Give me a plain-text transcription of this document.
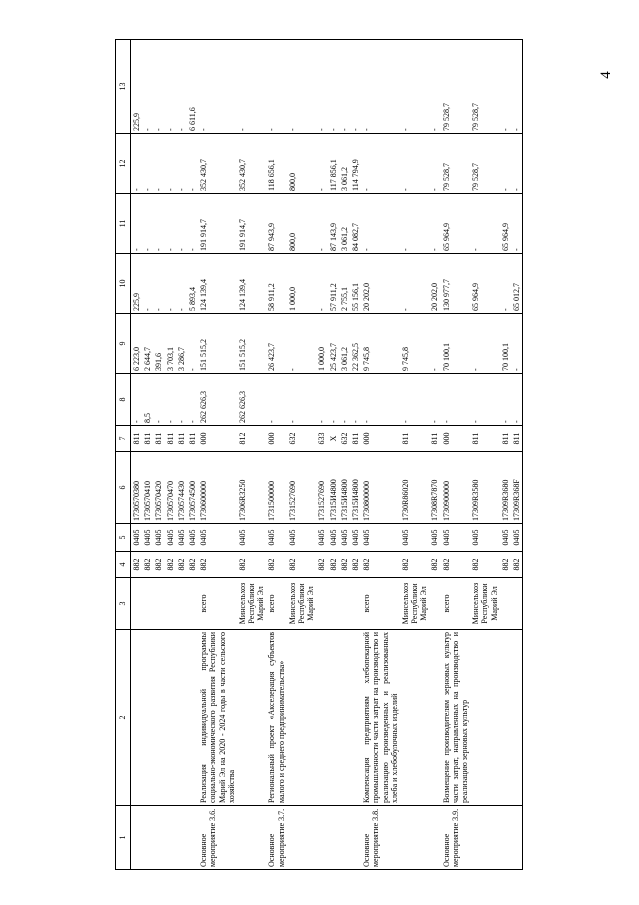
4
1	2	3	4	5	6	7	8	9	10	11	12	13
			882	0405	1730570380	811	-	6 223,0	225,9	-	-	225,9
			882	0405	1730570410	811	8,5	2 644,7	-	-	-	-
			882	0405	1730570420	811	-	391,6	-	-	-	-
			882	0405	1730570470	811	-	3 703,1	-	-	-	-
			882	0405	1730574430	811	-	3 286,7	-	-	-	-
			882	0405	1730574500	811	-	-	5 893,4	-	-	6 611,6
Основное мероприятие 3.6.	Реализация индивидуальной программы социально-экономического развития Республики Марий Эл на 2020 - 2024 годы в части сельского хозяйства	всего	882	0405	1730600000	000	262 626,3	151 515,2	124 139,4	191 914,7	352 430,7	-
		Минсельхоз Республики Марий Эл	882	0405	17306R3250	812	262 626,3	151 515,2	124 139,4	191 914,7	352 430,7	-
Основное мероприятие 3.7.	Региональный проект «Акселерация субъектов малого и среднего предпринимательства»	всего	882	0405	1731500000	000	-	26 423,7	58 911,2	87 943,9	118 656,1	-
		Минсельхоз Республики Марий Эл	882	0405	1731527690	632	-	-	1 000,0	800,0	800,0	-
			882	0405	1731527690	633	-	1 000,0	-	-	-	-
			882	0405	17315И4800	Х	-	25 423,7	57 911,2	87 143,9	117 856,1	-
			882	0405	17315И4800	632	-	3 061,2	2 755,1	3 061,2	3 061,2	-
			882	0405	17315И4800	811	-	22 362,5	55 156,1	84 082,7	114 794,9	-
Основное мероприятие 3.8.	Компенсация предприятиям хлебопекарной промышленности части затрат на производство и реализацию произведенных и реализованных хлеба и хлебобулочных изделий	всего	882	0405	1730800000	000	-	9 745,8	20 202,0	-	-	-
		Минсельхоз Республики Марий Эл	882	0405	1730R86020	811	-	9 745,8	-	-	-	-
			882	0405	17308R7870	811	-	-	20 202,0	-	-	-
Основное мероприятие 3.9.	Возмещение производителям зерновых культур части затрат, направленных на производство и реализацию зерновых культур	всего	882	0405	1730900000	000	-	70 100,1	130 977,7	65 964,9	79 528,7	79 528,7
		Минсельхоз Республики Марий Эл	882	0405	17309R3580	811	-	-	65 964,9	-	79 528,7	79 528,7
			882	0405	17309R3680	811	-	70 100,1	-	65 964,9	-	-
			882	0405	17309R368F	811	-	-	65 012,7	-	-	-
